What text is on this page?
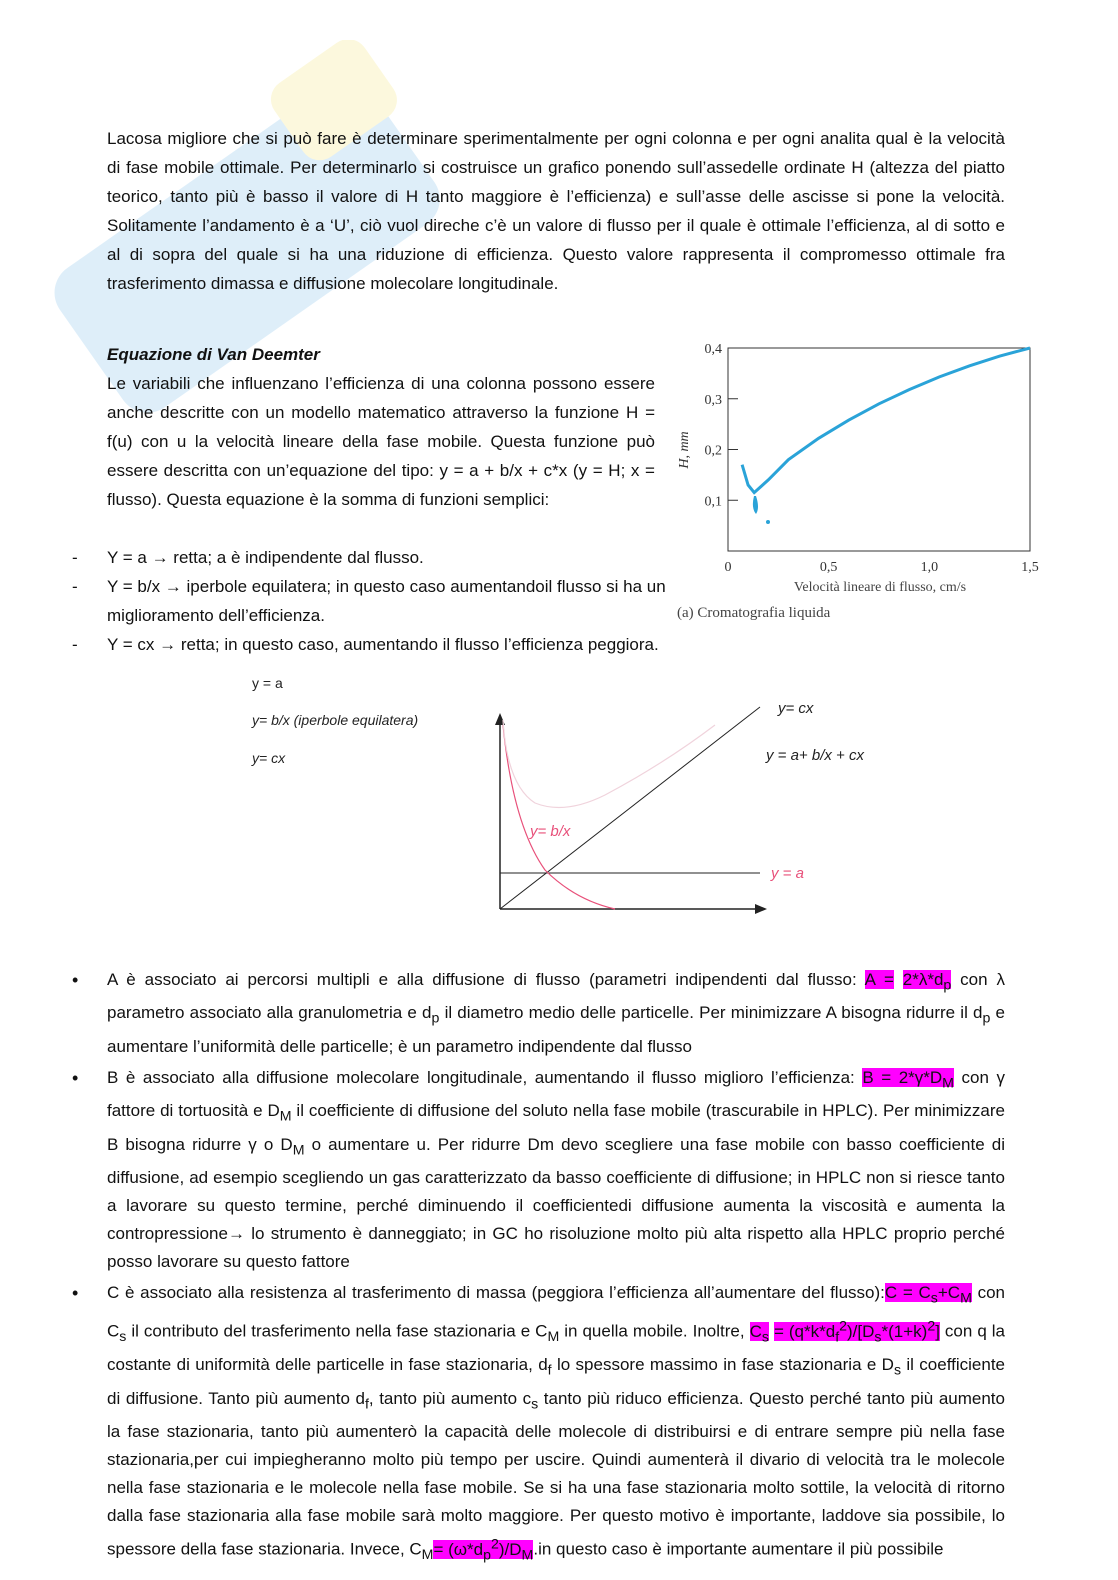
Lacosa migliore che si può fare è determinare sperimentalmente per ogni colonna e per ogni analita qual è la velocità di fase mobile ottimale. Per determinarlo si costruisce un grafico ponendo sull’assedelle ordinate H (altezza del piatto teorico, tanto più è basso il valore di H tanto maggiore è l’efficienza) e sull’asse delle ascisse si pone la velocità. Solitamente l’andamento è a ‘U’, ciò vuol direche c’è un valore di flusso per il quale è ottimale l’efficienza, al di sotto e al di sopra del quale si ha una riduzione di efficienza. Questo valore rappresenta il compromesso ottimale fra trasferimento dimassa e diffusione molecolare longitudinale.
Equazione di Van Deemter
Le variabili che influenzano l’efficienza di una colonna possono essere anche descritte con un modello matematico attraverso la funzione H = f(u) con u la velocità lineare della fase mobile. Questa funzione può essere descritta con un’equazione del tipo: y = a + b/x + c*x (y = H; x = flusso). Questa equazione è la somma di funzioni semplici:
-	Y = a → retta; a è indipendente dal flusso.
-	Y = b/x → iperbole equilatera; in questo caso aumentandoil flusso si ha un miglioramento dell’efficienza.
-	Y = cx → retta; in questo caso, aumentando il flusso l’efficienza peggiora.
0,1
0,2
0,3
0,4
0	0,5	1,0	1,5
H, mm
Velocità lineare di flusso, cm/s
(a) Cromatografia liquida
y = a
y= b/x (iperbole equilatera)
y= cx
y= cx
y = a+ b/x + cx
y= b/x
y = a
•	A è associato ai percorsi multipli e alla diffusione di flusso (parametri indipendenti dal flusso: $A = 2*\lambda*d_p$ con λ parametro associato alla granulometria e $d_p$ il diametro medio delle particelle. Per minimizzare A bisogna ridurre il $d_p$ e aumentare l’uniformità delle particelle; è un parametro indipendente dal flusso
•	B è associato alla diffusione molecolare longitudinale, aumentando il flusso miglioro l’efficienza: $B = 2*\gamma*D_M$ con γ fattore di tortuosità e $D_M$ il coefficiente di diffusione del soluto nella fase mobile (trascurabile in HPLC). Per minimizzare B bisogna ridurre γ o $D_M$ o aumentare u. Per ridurre Dm devo scegliere una fase mobile con basso coefficiente di diffusione, ad esempio scegliendo un gas caratterizzato da basso coefficiente di diffusione; in HPLC non si riesce tanto a lavorare su questo termine, perché diminuendo il coefficientedi diffusione aumenta la viscosità e aumenta la contropressione→ lo strumento è danneggiato; in GC ho risoluzione molto più alta rispetto alla HPLC proprio perché posso lavorare su questo fattore
•	C è associato alla resistenza al trasferimento di massa (peggiora l’efficienza all’aumentare del flusso):C = $C_s+C_M$ con $C_s$ il contributo del trasferimento nella fase stazionaria e $C_M$ in quella mobile. Inoltre, $C_s = (q*k*d_f^2)/[D_s*(1+k)^2]$ con q la costante di uniformità delle particelle in fase stazionaria, $d_f$ lo spessore massimo in fase stazionaria e $D_s$ il coefficiente di diffusione. Tanto più aumento $d_f$, tanto più aumento $c_s$ tanto più riduco efficienza. Questo perché tanto più aumento la fase stazionaria, tanto più aumenterò la capacità delle molecole di distribuirsi e di entrare sempre più nella fase stazionaria,per cui impiegheranno molto più tempo per uscire. Quindi aumenterà il divario di velocità tra le molecole nella fase stazionaria e le molecole nella fase mobile. Se si ha una fase stazionaria molto sottile, la velocità di ritorno dalla fase stazionaria alla fase mobile sarà molto maggiore. Per questo motivo è importante, laddove sia possibile, lo spessore della fase stazionaria. Invece, $C_M= (\omega*d_p^2)/D_M.in$ questo caso è importante aumentare il più possibile
